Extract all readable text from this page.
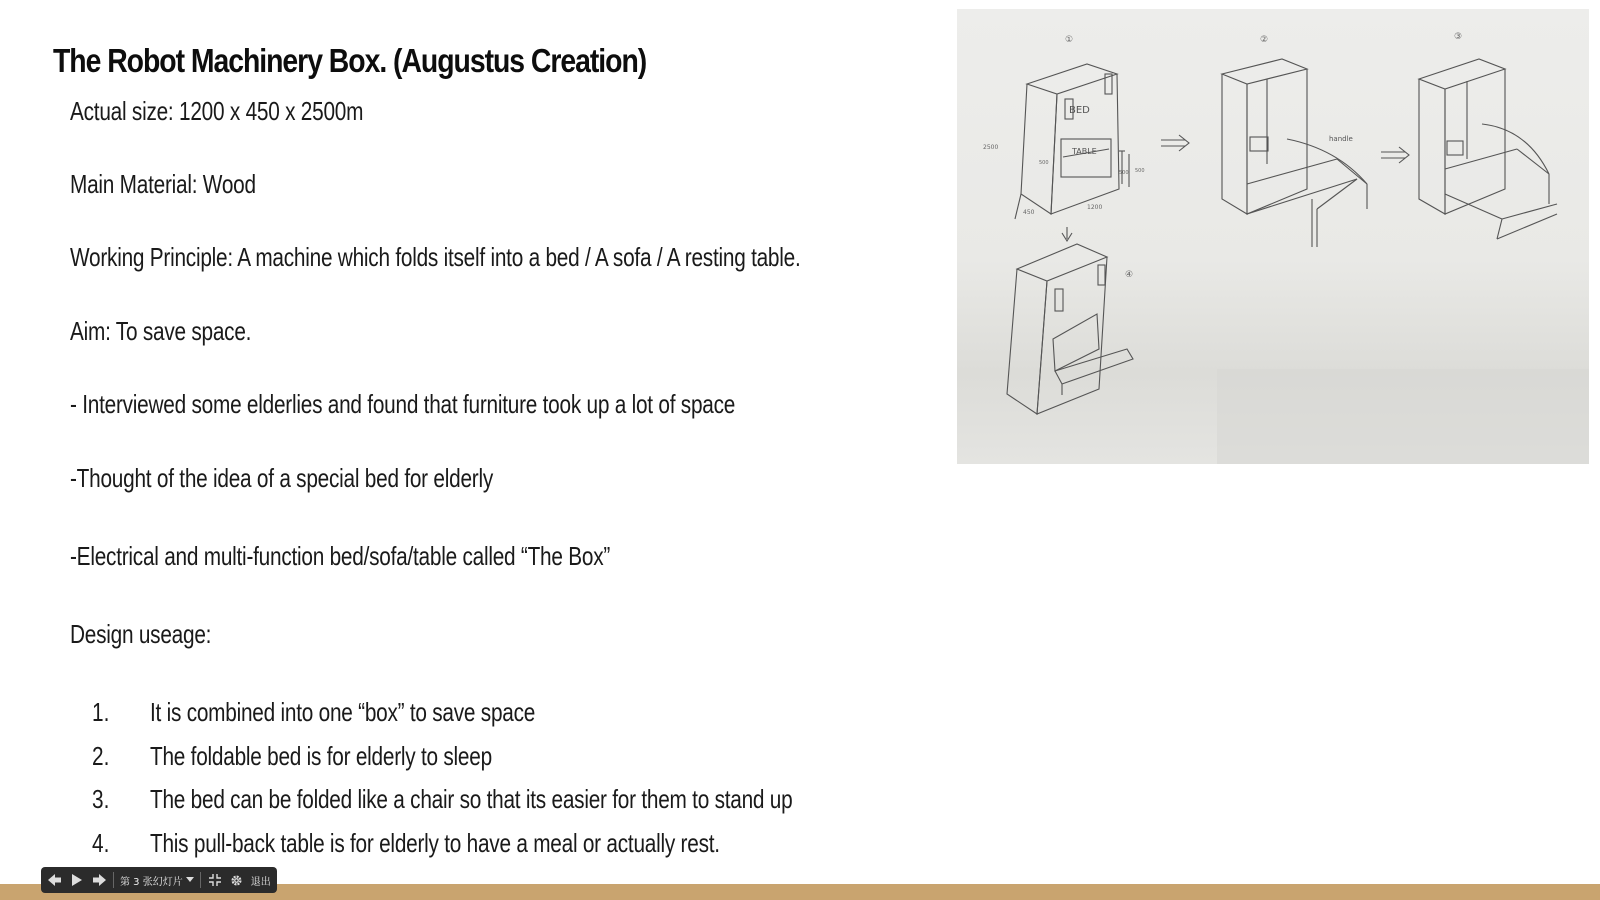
The Robot Machinery Box. (Augustus Creation)
Actual size: 1200 x 450 x 2500m
Main Material: Wood
Working Principle: A machine which folds itself into a bed / A sofa / A resting table.
Aim: To save space.
- Interviewed some elderlies and found that furniture took up a lot of space
-Thought of the idea of a special bed for elderly
-Electrical and multi-function bed/sofa/table called “The Box”
Design useage:
1. It is combined into one “box” to save space
2. The foldable bed is for elderly to sleep
3. The bed can be folded like a chair so that its easier for them to stand up
4. This pull-back table is for elderly to have a meal or actually rest.
BED
TABLE
2500
450
1200
500
500 500
①
handle
②	③
④
第 3 张幻灯片	退出
